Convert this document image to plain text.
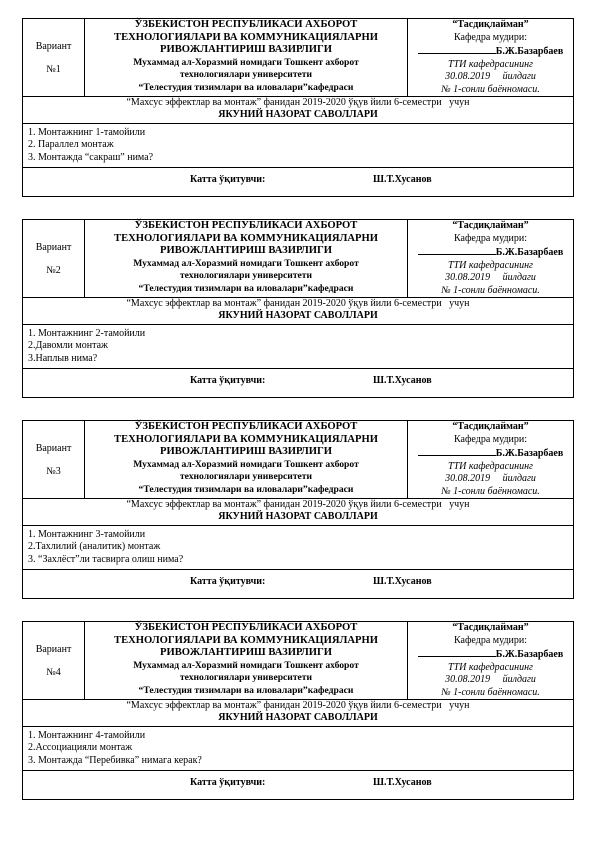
Вариант
№1
ЎЗБЕКИСТОН РЕСПУБЛИКАСИ АХБОРОТ
ТЕХНОЛОГИЯЛАРИ ВА КОММУНИКАЦИЯЛАРНИ
РИВОЖЛАНТИРИШ ВАЗИРЛИГИ
Мухаммад ал-Хоразмий номидаги Тошкент ахборот
технологиялари университети
“Телестудия тизимлари ва иловалари”кафедраси
“Тасдиқлайман”
Кафедра мудири:
Б.Ж.Базарбаев
ТТИ кафедрасининг
30.08.2019     йилдаги
№ 1-сонли баённомаси.
“Махсус эффектлар ва монтаж” фанидан 2019-2020 ўқув йили 6-семестри   учун
ЯКУНИЙ НАЗОРАТ САВОЛЛАРИ
1. Монтажнинг 1-тамойили
2. Параллел монтаж
3. Монтажда “сакраш” нима?
Катта ўқитувчи:	Ш.Т.Хусанов
Вариант
№2
ЎЗБЕКИСТОН РЕСПУБЛИКАСИ АХБОРОТ
ТЕХНОЛОГИЯЛАРИ ВА КОММУНИКАЦИЯЛАРНИ
РИВОЖЛАНТИРИШ ВАЗИРЛИГИ
Мухаммад ал-Хоразмий номидаги Тошкент ахборот
технологиялари университети
“Телестудия тизимлари ва иловалари”кафедраси
“Тасдиқлайман”
Кафедра мудири:
Б.Ж.Базарбаев
ТТИ кафедрасининг
30.08.2019     йилдаги
№ 1-сонли баённомаси.
“Махсус эффектлар ва монтаж” фанидан 2019-2020 ўқув йили 6-семестри   учун
ЯКУНИЙ НАЗОРАТ САВОЛЛАРИ
1. Монтажнинг 2-тамойили
2.Давомли монтаж
3.Наплыв нима?
Катта ўқитувчи:	Ш.Т.Хусанов
Вариант
№3
ЎЗБЕКИСТОН РЕСПУБЛИКАСИ АХБОРОТ
ТЕХНОЛОГИЯЛАРИ ВА КОММУНИКАЦИЯЛАРНИ
РИВОЖЛАНТИРИШ ВАЗИРЛИГИ
Мухаммад ал-Хоразмий номидаги Тошкент ахборот
технологиялари университети
“Телестудия тизимлари ва иловалари”кафедраси
“Тасдиқлайман”
Кафедра мудири:
Б.Ж.Базарбаев
ТТИ кафедрасининг
30.08.2019     йилдаги
№ 1-сонли баённомаси.
“Махсус эффектлар ва монтаж” фанидан 2019-2020 ўқув йили 6-семестри   учун
ЯКУНИЙ НАЗОРАТ САВОЛЛАРИ
1. Монтажнинг 3-тамойили
2.Тахлилий (аналитик) монтаж
3. “Захлёст”ли тасвирга олиш нима?
Катта ўқитувчи:	Ш.Т.Хусанов
Вариант
№4
ЎЗБЕКИСТОН РЕСПУБЛИКАСИ АХБОРОТ
ТЕХНОЛОГИЯЛАРИ ВА КОММУНИКАЦИЯЛАРНИ
РИВОЖЛАНТИРИШ ВАЗИРЛИГИ
Мухаммад ал-Хоразмий номидаги Тошкент ахборот
технологиялари университети
“Телестудия тизимлари ва иловалари”кафедраси
“Тасдиқлайман”
Кафедра мудири:
Б.Ж.Базарбаев
ТТИ кафедрасининг
30.08.2019     йилдаги
№ 1-сонли баённомаси.
“Махсус эффектлар ва монтаж” фанидан 2019-2020 ўқув йили 6-семестри   учун
ЯКУНИЙ НАЗОРАТ САВОЛЛАРИ
1. Монтажнинг 4-тамойили
2.Ассоциацияли монтаж
3. Монтажда “Перебивка” нимага керак?
Катта ўқитувчи:	Ш.Т.Хусанов
